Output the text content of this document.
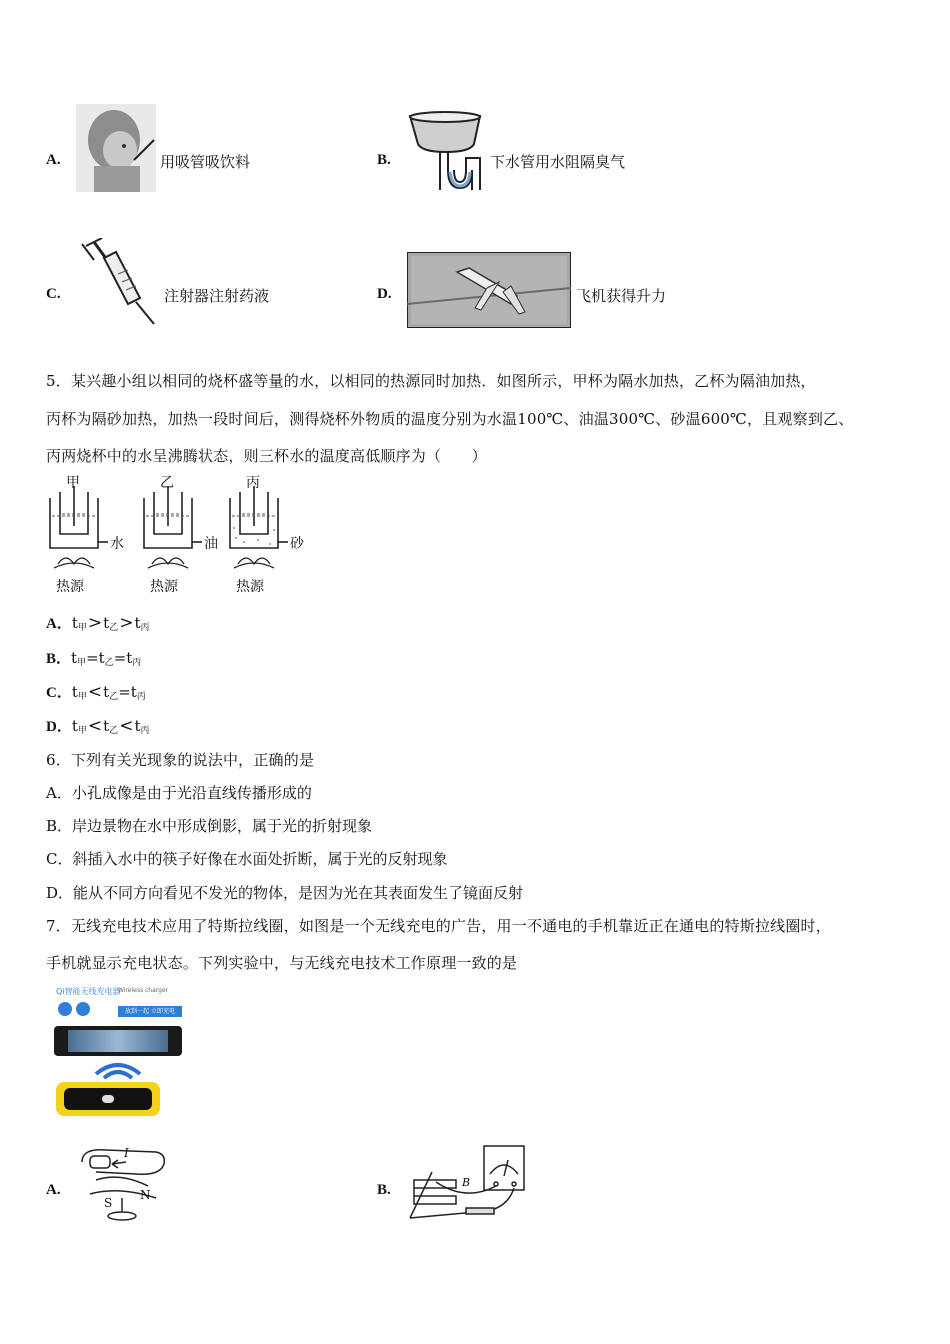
A.	用吸管吸饮料	B.	下水管用水阻隔臭气
C.	注射器注射药液	D.	飞机获得升力
5．某兴趣小组以相同的烧杯盛等量的水，以相同的热源同时加热．如图所示，甲杯为隔水加热，乙杯为隔油加热，
丙杯为隔砂加热，加热一段时间后，测得烧杯外物质的温度分别为水温100℃、油温300℃、砂温600℃，且观察到乙、
丙两烧杯中的水呈沸腾状态，则三杯水的温度高低顺序为（　　）
甲	乙	丙
水	油	砂
热源	热源	热源
A．$t_甲>t_乙>t_丙$
B．$t_甲=t_乙=t_丙$
C．$t_甲<t_乙=t_丙$
D．$t_甲<t_乙<t_丙$
6．下列有关光现象的说法中，正确的是
A．小孔成像是由于光沿直线传播形成的
B．岸边景物在水中形成倒影，属于光的折射现象
C．斜插入水中的筷子好像在水面处折断，属于光的反射现象
D．能从不同方向看见不发光的物体，是因为光在其表面发生了镜面反射
7．无线充电技术应用了特斯拉线圈，如图是一个无线充电的广告，用一不通电的手机靠近正在通电的特斯拉线圈时，
手机就显示充电状态。下列实验中，与无线充电技术工作原理一致的是
Qi智能无线充电器
Wireless charger
放到一起 立即充电
A.
I
S
N	B.	B
